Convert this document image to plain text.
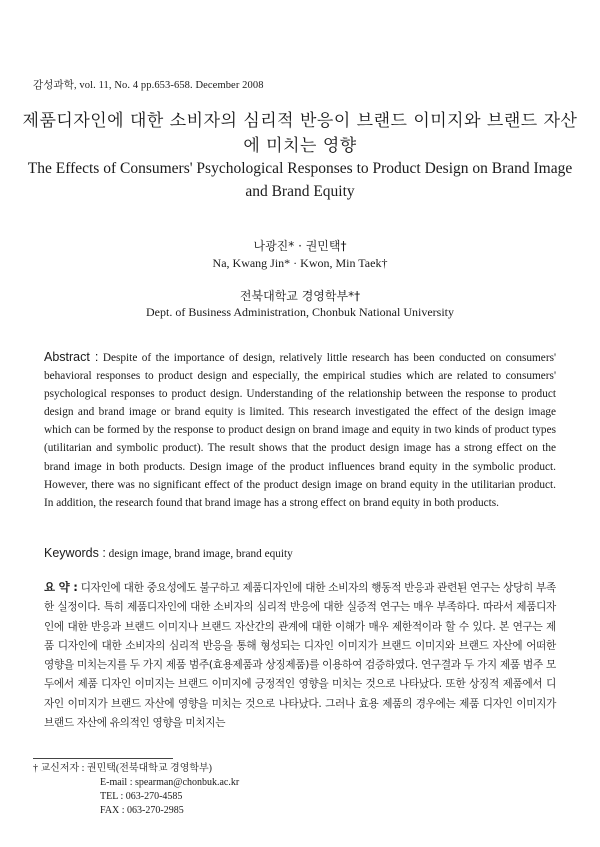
감성과학, vol. 11, No. 4 pp.653-658. December 2008
제품디자인에 대한 소비자의 심리적 반응이 브랜드 이미지와 브랜드 자산에 미치는 영향
The Effects of Consumers' Psychological Responses to Product Design on Brand Image and Brand Equity
나광진* · 권민택†
Na, Kwang Jin* · Kwon, Min Taek†
전북대학교 경영학부*†
Dept. of Business Administration, Chonbuk National University
Abstract : Despite of the importance of design, relatively little research has been conducted on consumers' behavioral responses to product design and especially, the empirical studies which are related to consumers' psychological responses to product design. Understanding of the relationship between the response to product design and brand image or brand equity is limited. This research investigated the effect of the design image which can be formed by the response to product design on brand image and equity in two kinds of product types (utilitarian and symbolic product). The result shows that the product design image has a strong effect on the brand image in both products. Design image of the product influences brand equity in the symbolic product. However, there was no significant effect of the product design image on brand equity in the utilitarian product. In addition, the research found that brand image has a strong effect on brand equity in both products.
Keywords : design image, brand image, brand equity
요 약 : 디자인에 대한 중요성에도 불구하고 제품디자인에 대한 소비자의 행동적 반응과 관련된 연구는 상당히 부족한 실정이다. 특히 제품디자인에 대한 소비자의 심리적 반응에 대한 실증적 연구는 매우 부족하다. 따라서 제품디자인에 대한 반응과 브랜드 이미지나 브랜드 자산간의 관계에 대한 이해가 매우 제한적이라 할 수 있다. 본 연구는 제품 디자인에 대한 소비자의 심리적 반응을 통해 형성되는 디자인 이미지가 브랜드 이미지와 브랜드 자산에 어떠한 영향을 미치는지를 두 가지 제품 범주(효용제품과 상징제품)를 이용하여 검증하였다. 연구결과 두 가지 제품 범주 모두에서 제품 디자인 이미지는 브랜드 이미지에 긍정적인 영향을 미치는 것으로 나타났다. 또한 상징적 제품에서 디자인 이미지가 브랜드 자산에 영향을 미치는 것으로 나타났다. 그러나 효용 제품의 경우에는 제품 디자인 이미지가 브랜드 자산에 유의적인 영향을 미치지는
† 교신저자 : 권민택(전북대학교 경영학부)
E-mail : spearman@chonbuk.ac.kr
TEL : 063-270-4585
FAX : 063-270-2985
